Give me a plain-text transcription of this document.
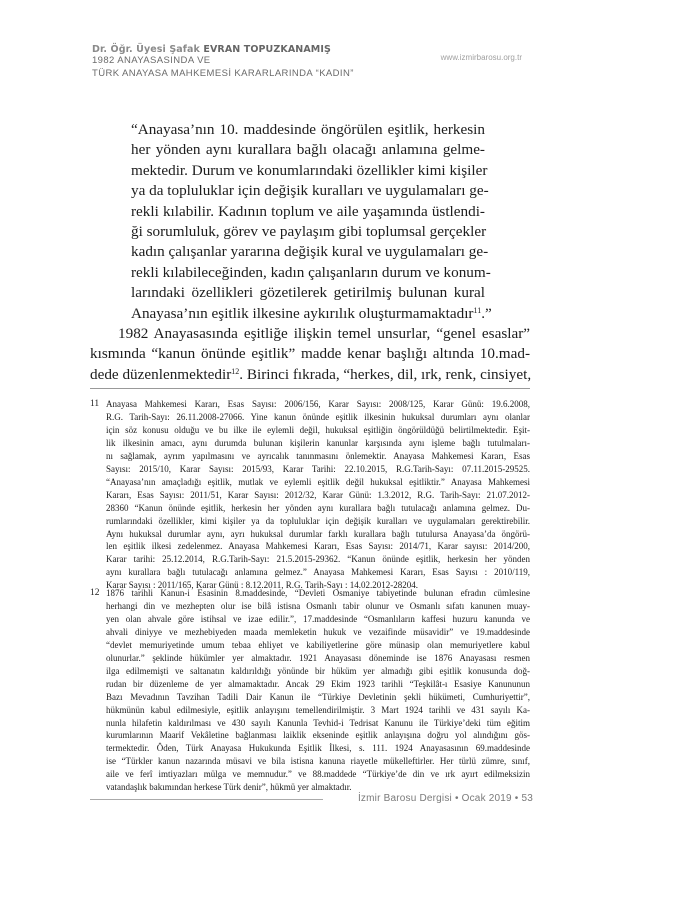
Dr. Öğr. Üyesi Şafak EVRAN TOPUZKANAMIŞ
1982 ANAYASASINDA VE
TÜRK ANAYASA MAHKEMESİ KARARLARINDA “KADIN”
www.izmirbarosu.org.tr
“Anayasa’nın 10. maddesinde öngörülen eşitlik, herkesin
her yönden aynı kurallara bağlı olacağı anlamına gelme-
mektedir. Durum ve konumlarındaki özellikler kimi kişiler
ya da topluluklar için değişik kuralları ve uygulamaları ge-
rekli kılabilir. Kadının toplum ve aile yaşamında üstlendi-
ği sorumluluk, görev ve paylaşım gibi toplumsal gerçekler
kadın çalışanlar yararına değişik kural ve uygulamaları ge-
rekli kılabileceğinden, kadın çalışanların durum ve konum-
larındaki özellikleri gözetilerek getirilmiş bulunan kural
Anayasa’nın eşitlik ilkesine aykırılık oluşturmamaktadır$^{11}$.”
1982 Anayasasında eşitliğe ilişkin temel unsurlar, “genel esaslar”
kısmında “kanun önünde eşitlik” madde kenar başlığı altında 10.mad-
dede düzenlenmektedir$^{12}$. Birinci fıkrada, “herkes, dil, ırk, renk, cinsiyet,
11 Anayasa Mahkemesi Kararı, Esas Sayısı: 2006/156, Karar Sayısı: 2008/125, Karar Günü: 19.6.2008,
R.G. Tarih-Sayı: 26.11.2008-27066. Yine kanun önünde eşitlik ilkesinin hukuksal durumları aynı olanlar
için söz konusu olduğu ve bu ilke ile eylemli değil, hukuksal eşitliğin öngörüldüğü belirtilmektedir. Eşit-
lik ilkesinin amacı, aynı durumda bulunan kişilerin kanunlar karşısında aynı işleme bağlı tutulmaları-
nı sağlamak, ayrım yapılmasını ve ayrıcalık tanınmasını önlemektir. Anayasa Mahkemesi Kararı, Esas
Sayısı: 2015/10, Karar Sayısı: 2015/93, Karar Tarihi: 22.10.2015, R.G.Tarih-Sayı: 07.11.2015-29525.
“Anayasa’nın amaçladığı eşitlik, mutlak ve eylemli eşitlik değil hukuksal eşitliktir.” Anayasa Mahkemesi
Kararı, Esas Sayısı: 2011/51, Karar Sayısı: 2012/32, Karar Günü: 1.3.2012, R.G. Tarih-Sayı: 21.07.2012-
28360 “Kanun önünde eşitlik, herkesin her yönden aynı kurallara bağlı tutulacağı anlamına gelmez. Du-
rumlarındaki özellikler, kimi kişiler ya da topluluklar için değişik kuralları ve uygulamaları gerektirebilir.
Aynı hukuksal durumlar aynı, ayrı hukuksal durumlar farklı kurallara bağlı tutulursa Anayasa’da öngörü-
len eşitlik ilkesi zedelenmez. Anayasa Mahkemesi Kararı, Esas Sayısı: 2014/71, Karar sayısı: 2014/200,
Karar tarihi: 25.12.2014, R.G.Tarih-Sayı: 21.5.2015-29362. “Kanun önünde eşitlik, herkesin her yönden
aynı kurallara bağlı tutulacağı anlamına gelmez.” Anayasa Mahkemesi Kararı, Esas Sayısı : 2010/119,
Karar Sayısı : 2011/165, Karar Günü : 8.12.2011, R.G. Tarih-Sayı : 14.02.2012-28204.
12 1876 tarihli Kanun-i Esasinin 8.maddesinde, “Devleti Osmaniye tabiyetinde bulunan efradın cümlesine
herhangi din ve mezhepten olur ise bilâ istisna Osmanlı tabir olunur ve Osmanlı sıfatı kanunen muay-
yen olan ahvale göre istihsal ve izae edilir.”, 17.maddesinde “Osmanlıların kaffesi huzuru kanunda ve
ahvali diniyye ve mezhebiyeden maada memleketin hukuk ve vezaifinde müsavidir” ve 19.maddesinde
“devlet memuriyetinde umum tebaa ehliyet ve kabiliyetlerine göre münasip olan memuriyetlere kabul
olunurlar.” şeklinde hükümler yer almaktadır. 1921 Anayasası döneminde ise 1876 Anayasası resmen
ilga edilmemişti ve saltanatın kaldırıldığı yönünde bir hüküm yer almadığı gibi eşitlik konusunda doğ-
rudan bir düzenleme de yer almamaktadır. Ancak 29 Ekim 1923 tarihli “Teşkilât-ı Esasiye Kanununun
Bazı Mevadının Tavzihan Tadili Dair Kanun ile “Türkiye Devletinin şekli hükümeti, Cumhuriyettir”,
hükmünün kabul edilmesiyle, eşitlik anlayışını temellendirilmiştir. 3 Mart 1924 tarihli ve 431 sayılı Ka-
nunla hilafetin kaldırılması ve 430 sayılı Kanunla Tevhid-i Tedrisat Kanunu ile Türkiye’deki tüm eğitim
kurumlarının Maarif Vekâletine bağlanması laiklik ekseninde eşitlik anlayışına doğru yol alındığını gös-
termektedir. Ôden, Türk Anayasa Hukukunda Eşitlik İlkesi, s. 111. 1924 Anayasasının 69.maddesinde
ise “Türkler kanun nazarında müsavi ve bila istisna kanuna riayetle mükelleftirler. Her türlü zümre, sınıf,
aile ve ferî imtiyazları mülga ve memnudur.” ve 88.maddede “Türkiye’de din ve ırk ayırt edilmeksizin
vatandaşlık bakımından herkese Türk denir”, hükmü yer almaktadır.
İzmir Barosu Dergisi • Ocak 2019 • 53
